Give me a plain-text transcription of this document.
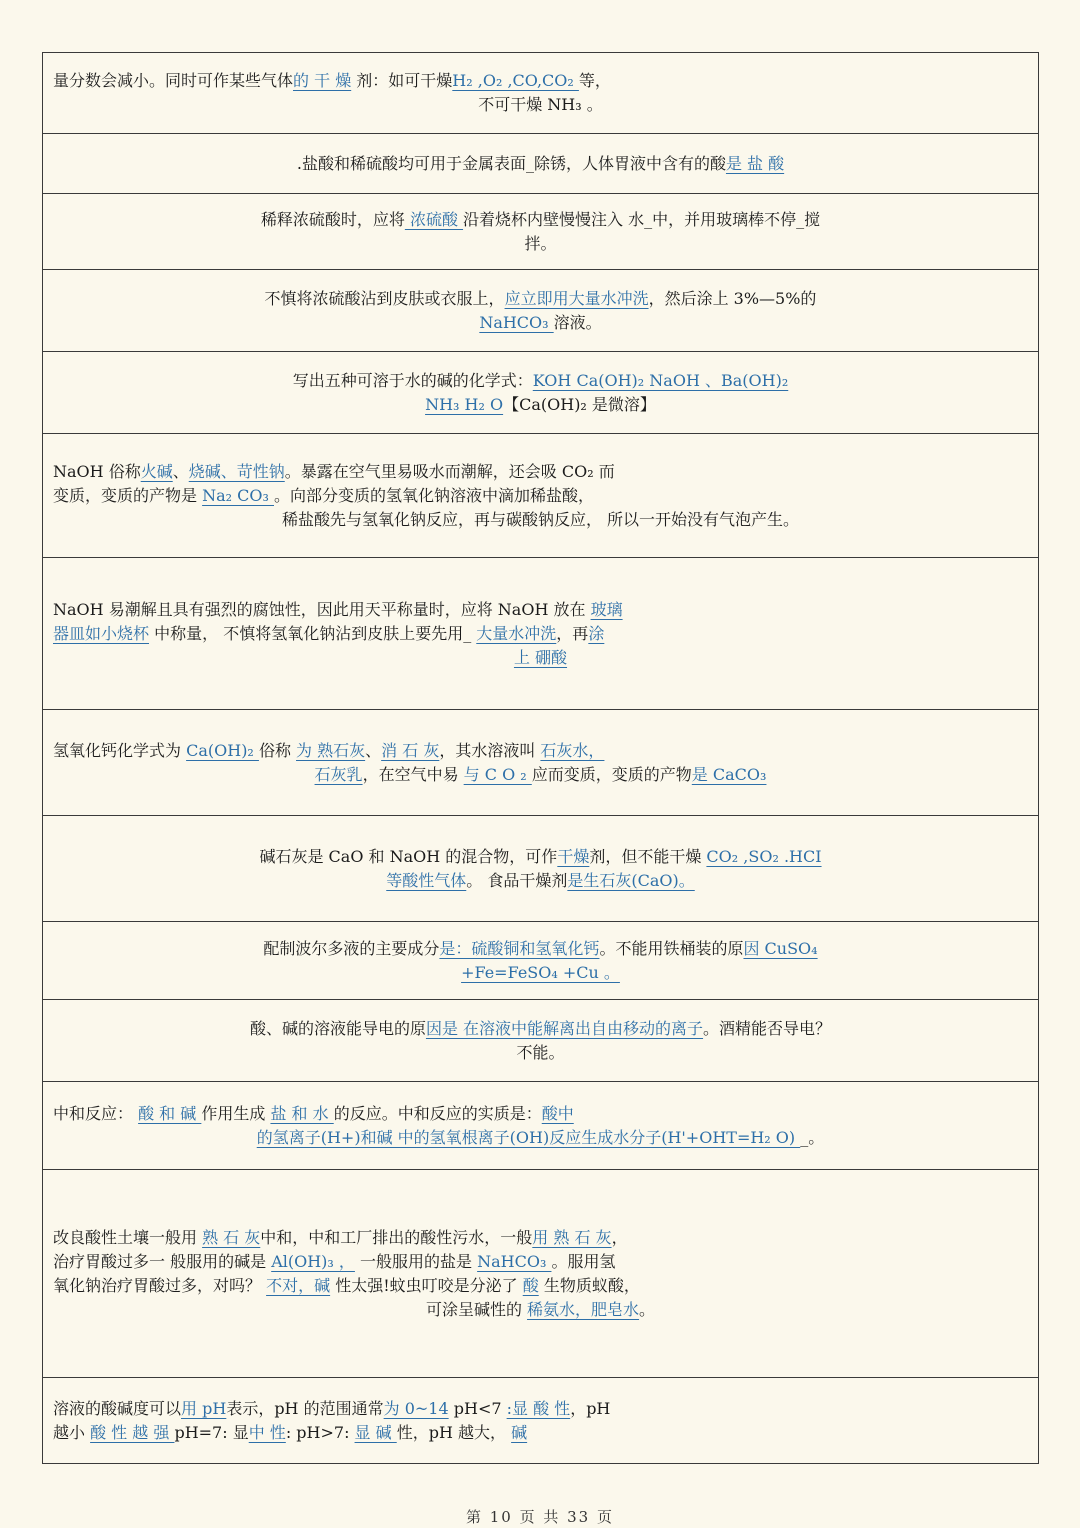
量分数会减小。同时可作某些气体的 干 燥 剂：如可干燥H₂ ,O₂ ,CO,CO₂ 等，
不可干燥 NH₃ 。
.盐酸和稀硫酸均可用于金属表面_除锈，人体胃液中含有的酸是 盐 酸
稀释浓硫酸时，应将 浓硫酸 沿着烧杯内壁慢慢注入 水_中，并用玻璃棒不停_搅
拌。
不慎将浓硫酸沾到皮肤或衣服上，应立即用大量水冲洗，然后涂上 3%—5%的
NaHCO₃ 溶液。
写出五种可溶于水的碱的化学式：KOH Ca(OH)₂ NaOH 、Ba(OH)₂
NH₃ H₂ O【Ca(OH)₂ 是微溶】
NaOH 俗称火碱、烧碱、苛性钠。暴露在空气里易吸水而潮解，还会吸 CO₂ 而
变质，变质的产物是 Na₂ CO₃ 。向部分变质的氢氧化钠溶液中滴加稀盐酸，
稀盐酸先与氢氧化钠反应，再与碳酸钠反应， 所以一开始没有气泡产生。
NaOH 易潮解且具有强烈的腐蚀性，因此用天平称量时，应将 NaOH 放在 玻璃
器皿如小烧杯 中称量， 不慎将氢氧化钠沾到皮肤上要先用_ 大量水冲洗，再涂
上 硼酸
氢氧化钙化学式为 Ca(OH)₂ 俗称 为 熟石灰、消 石 灰，其水溶液叫 石灰水，
石灰乳，在空气中易 与 C O ₂ 应而变质，变质的产物是 CaCO₃
碱石灰是 CaO 和 NaOH 的混合物，可作干燥剂，但不能干燥 CO₂ ,SO₂ .HCI
等酸性气体。 食品干燥剂是生石灰(CaO)。
配制波尔多液的主要成分是：硫酸铜和氢氧化钙。不能用铁桶装的原因 CuSO₄
+Fe=FeSO₄ +Cu 。
酸、碱的溶液能导电的原因是 在溶液中能解离出自由移动的离子。酒精能否导电？
不能。
中和反应： 酸 和 碱 作用生成 盐 和 水 的反应。中和反应的实质是：酸中
的氢离子(H+)和碱 中的氢氧根离子(OH)反应生成水分子(H'+OHT=H₂ O) _。
改良酸性土壤一般用 熟 石 灰中和，中和工厂排出的酸性污水，一般用 熟 石 灰，
治疗胃酸过多一 般服用的碱是 Al(OH)₃ ， 一般服用的盐是 NaHCO₃ 。服用氢
氧化钠治疗胃酸过多，对吗？ 不对，碱 性太强!蚊虫叮咬是分泌了 酸 生物质蚁酸，
可涂呈碱性的 稀氨水，肥皂水。
溶液的酸碱度可以用 pH表示，pH 的范围通常为 0~14 pH<7 :显 酸 性，pH
越小 酸 性 越 强 pH=7: 显中 性: pH>7: 显 碱 性，pH 越大， 碱
第 10 页 共 33 页
